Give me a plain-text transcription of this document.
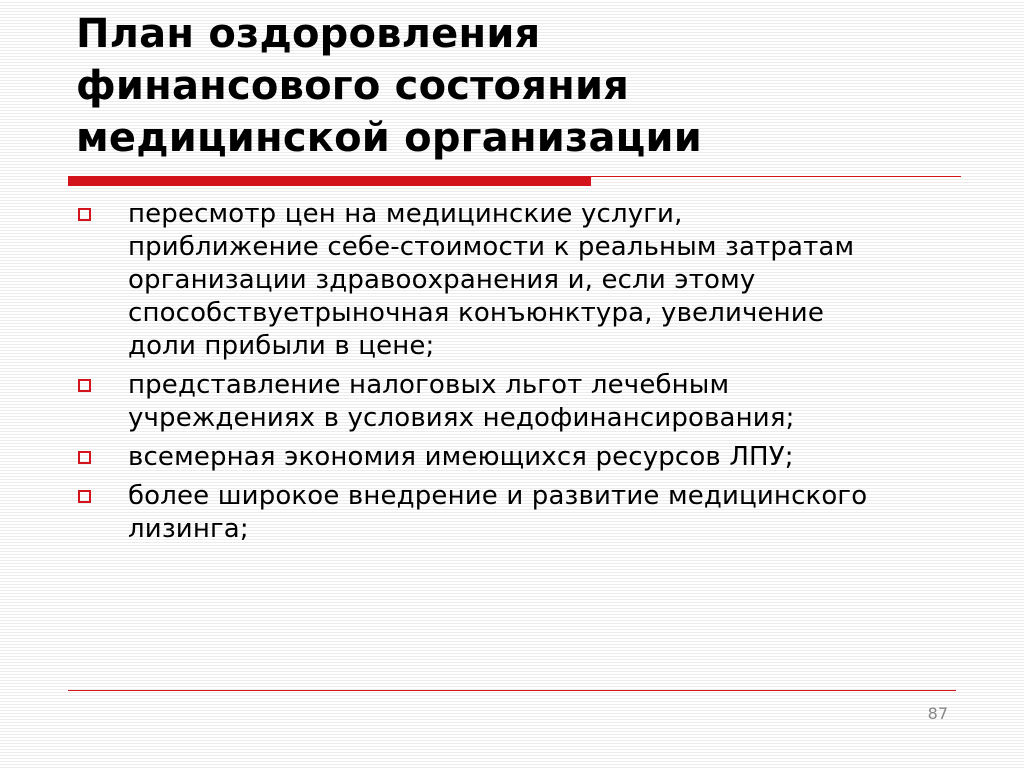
План оздоровления
финансового состояния
медицинской организации
пересмотр цен на медицинские услуги,
приближение себе-стоимости к реальным затратам
организации здравоохранения и, если этому
способствуетрыночная конъюнктура, увеличение
доли прибыли в цене;
представление налоговых льгот лечебным
учреждениях в условиях недофинансирования;
всемерная экономия имеющихся ресурсов ЛПУ;
более широкое внедрение и развитие медицинского
лизинга;
87
